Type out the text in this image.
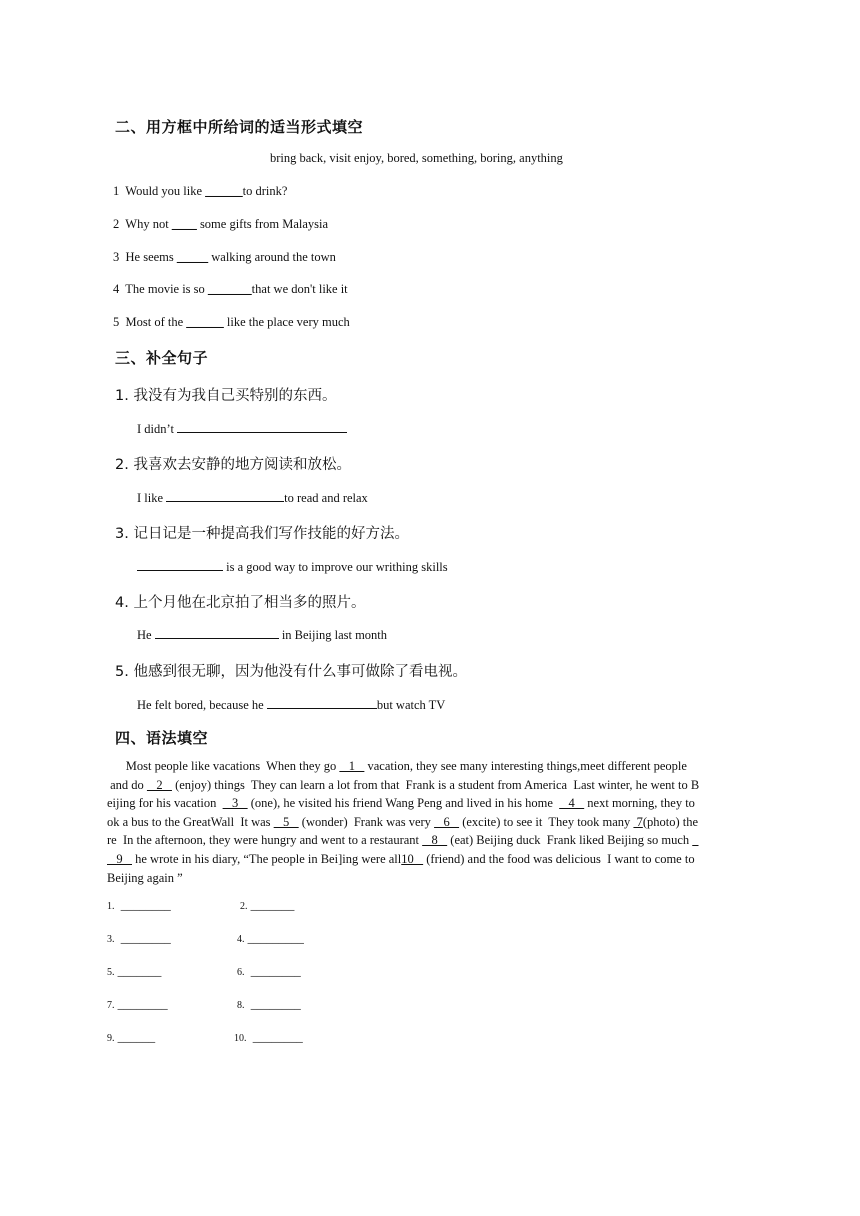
二、用方框中所给词的适当形式填空
bring back, visit enjoy, bored, something, boring, anything
1 Would you like ______to drink?
2 Why not ____ some gifts from Malaysia
3 He seems _____ walking around the town
4 The movie is so _______that we don't like it
5 Most of the ______ like the place very much
三、补全句子
1. 我没有为我自己买特别的东西。
I didn’t
2. 我喜欢去安静的地方阅读和放松。
I like	to read and relax
3. 记日记是一种提高我们写作技能的好方法。
is a good way to improve our writhing skills
4. 上个月他在北京拍了相当多的照片。
He	in Beijing last month
5. 他感到很无聊，因为他没有什么事可做除了看电视。
He felt bored, because he	but watch TV
四、语法填空
Most people like vacations  When they go    1    vacation, they see many interesting things,meet different people
and do    2    (enjoy) things  They can learn a lot from that  Frank is a student from America  Last winter, he went to B
eijing for his vacation     3    (one), he visited his friend Wang Peng and lived in his home     4    next morning, they to
ok a bus to the GreatWall  It was    5    (wonder)  Frank was very    6    (excite) to see it  They took many  7(photo) the
re  In the afternoon, they were hungry and went to a restaurant    8    (eat) Beijing duck  Frank liked Beijing so much
9    he wrote in his diary, “The people in Bei]ing were all10    (friend) and the food was delicious  I want to come to
Beijing again ”
1. ________	2. _______
3. ________	4. _________
5. _______	6. ________
7. ________	8. ________
9. ______	10. ________
